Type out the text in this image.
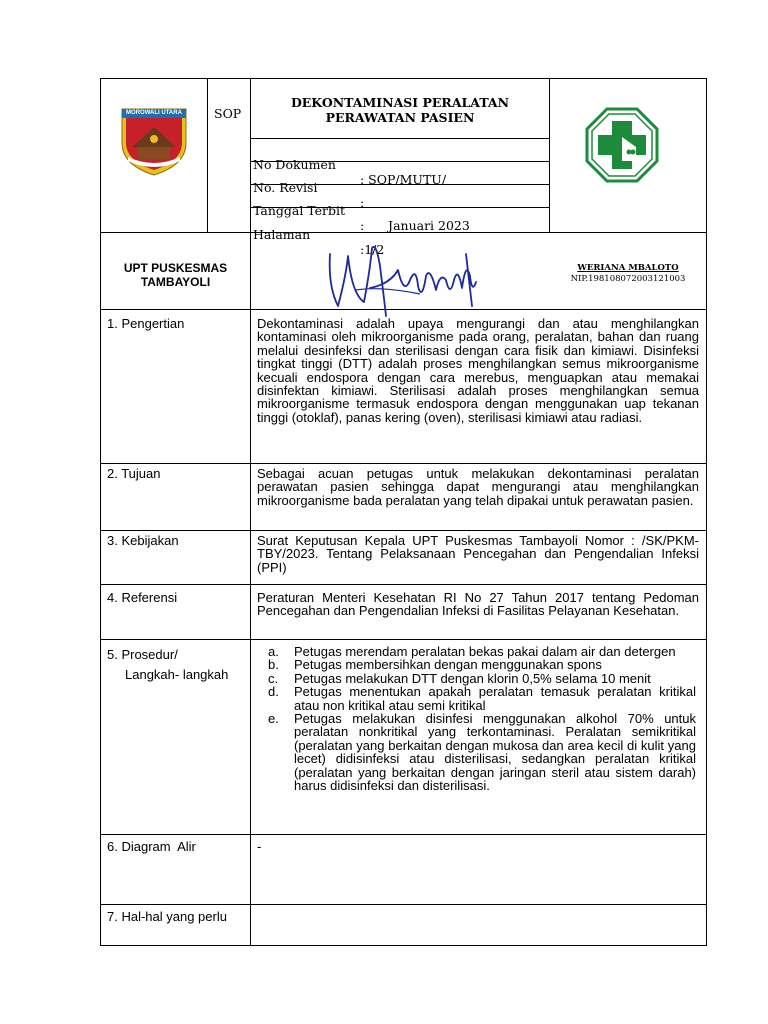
MOROWALI UTARA	SOP
DEKONTAMINASI PERALATAN
PERAWATAN PASIEN

No Dokumen

: SOP/MUTU/

No. Revisi

:

Tanggal Terbit

:      Januari 2023

Halaman

:1/2

UPT PUSKESMAS
TAMBAYOLI
WERIANA MBALOTO
NIP.198108072003121003
1. Pengertian	Dekontaminasi adalah upaya mengurangi dan atau menghilangkan kontaminasi oleh mikroorganisme pada orang, peralatan, bahan dan ruang melalui desinfeksi dan sterilisasi dengan cara fisik dan kimiawi. Disinfeksi tingkat tinggi (DTT) adalah proses menghilangkan semus mikroorganisme kecuali endospora dengan cara merebus, menguapkan atau memakai disinfektan kimiawi. Sterilisasi adalah proses menghilangkan semua mikroorganisme termasuk endospora dengan menggunakan uap tekanan tinggi (otoklaf), panas kering (oven), sterilisasi kimiawi atau radiasi.
2. Tujuan	Sebagai acuan petugas untuk melakukan dekontaminasi peralatan perawatan pasien sehingga dapat mengurangi atau menghilangkan mikroorganisme bada peralatan yang telah dipakai untuk perawatan pasien.
3. Kebijakan	Surat Keputusan Kepala UPT Puskesmas Tambayoli Nomor : /SK/PKM-TBY/2023. Tentang Pelaksanaan Pencegahan dan Pengendalian Infeksi (PPI)
4. Referensi	Peraturan Menteri Kesehatan RI No 27 Tahun 2017 tentang Pedoman Pencegahan dan Pengendalian Infeksi di Fasilitas Pelayanan Kesehatan.
5. Prosedur/
Langkah- langkah
a. Petugas merendam peralatan bekas pakai dalam air dan detergen
b. Petugas membersihkan dengan menggunakan spons
c. Petugas melakukan DTT dengan klorin 0,5% selama 10 menit
d. Petugas menentukan apakah peralatan temasuk peralatan kritikal atau non kritikal atau semi kritikal
e. Petugas melakukan disinfesi menggunakan alkohol 70% untuk peralatan nonkritikal yang terkontaminasi. Peralatan semikritikal (peralatan yang berkaitan dengan mukosa dan area kecil di kulit yang lecet) didisinfeksi atau disterilisasi, sedangkan peralatan kritikal (peralatan yang berkaitan dengan jaringan steril atau sistem darah) harus didisinfeksi dan disterilisasi.
6. Diagram  Alir	-
7. Hal-hal yang perlu
